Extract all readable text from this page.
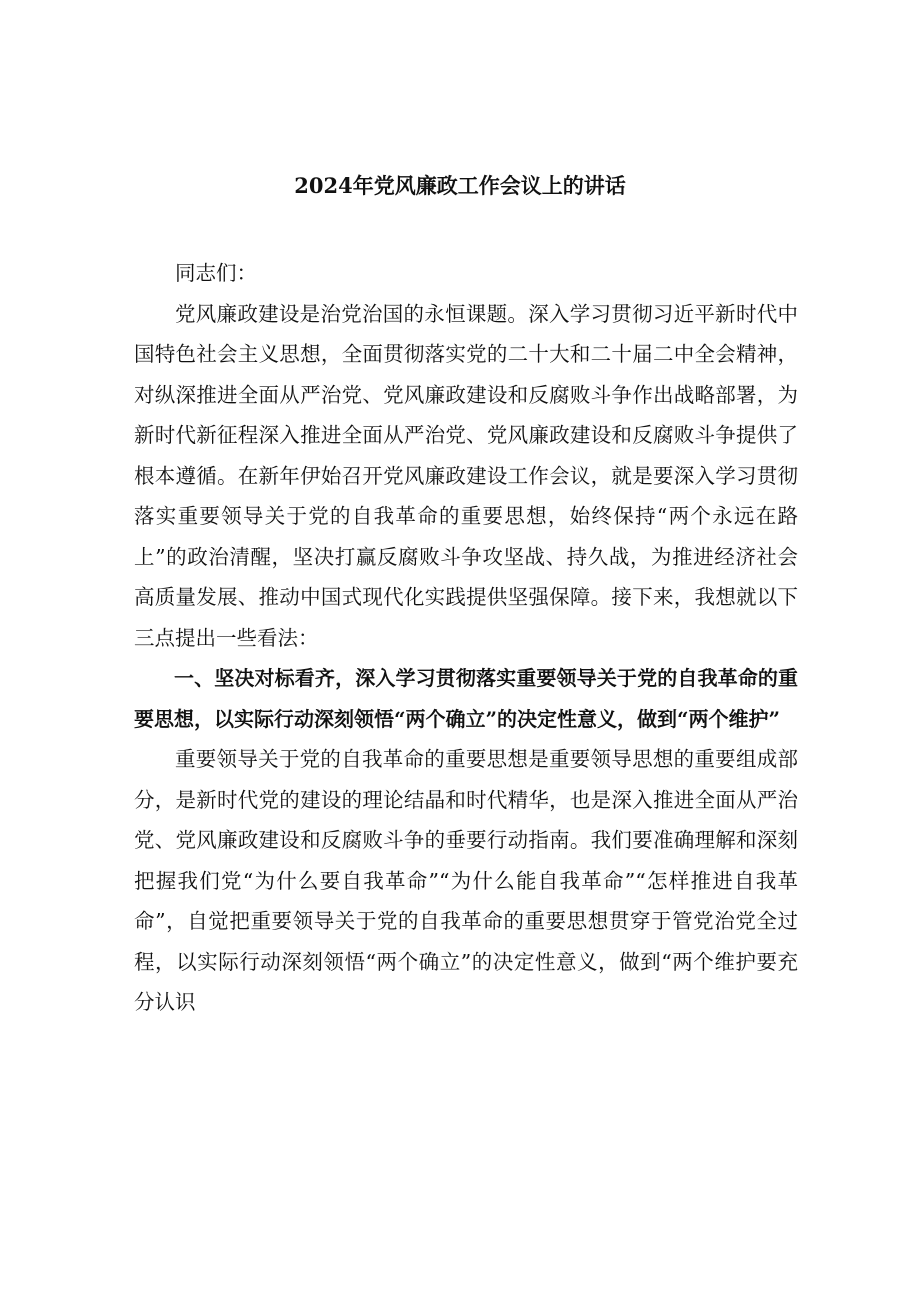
2024年党风廉政工作会议上的讲话

同志们：

党风廉政建设是治党治国的永恒课题。深入学习贯彻习近平新时代中国特色社会主义思想，全面贯彻落实党的二十大和二十届二中全会精神，对纵深推进全面从严治党、党风廉政建设和反腐败斗争作出战略部署，为新时代新征程深入推进全面从严治党、党风廉政建设和反腐败斗争提供了根本遵循。在新年伊始召开党风廉政建设工作会议，就是要深入学习贯彻落实重要领导关于党的自我革命的重要思想，始终保持“两个永远在路上”的政治清醒，坚决打赢反腐败斗争攻坚战、持久战，为推进经济社会高质量发展、推动中国式现代化实践提供坚强保障。接下来，我想就以下三点提出一些看法：

一、坚决对标看齐，深入学习贯彻落实重要领导关于党的自我革命的重要思想，以实际行动深刻领悟“两个确立”的决定性意义，做到“两个维护”

重要领导关于党的自我革命的重要思想是重要领导思想的重要组成部分，是新时代党的建设的理论结晶和时代精华，也是深入推进全面从严治党、党风廉政建设和反腐败斗争的垂要行动指南。我们要准确理解和深刻把握我们党“为什么要自我革命”“为什么能自我革命”“怎样推进自我革命”，自觉把重要领导关于党的自我革命的重要思想贯穿于管党治党全过程，以实际行动深刻领悟“两个确立”的决定性意义，做到“两个维护要充分认识
